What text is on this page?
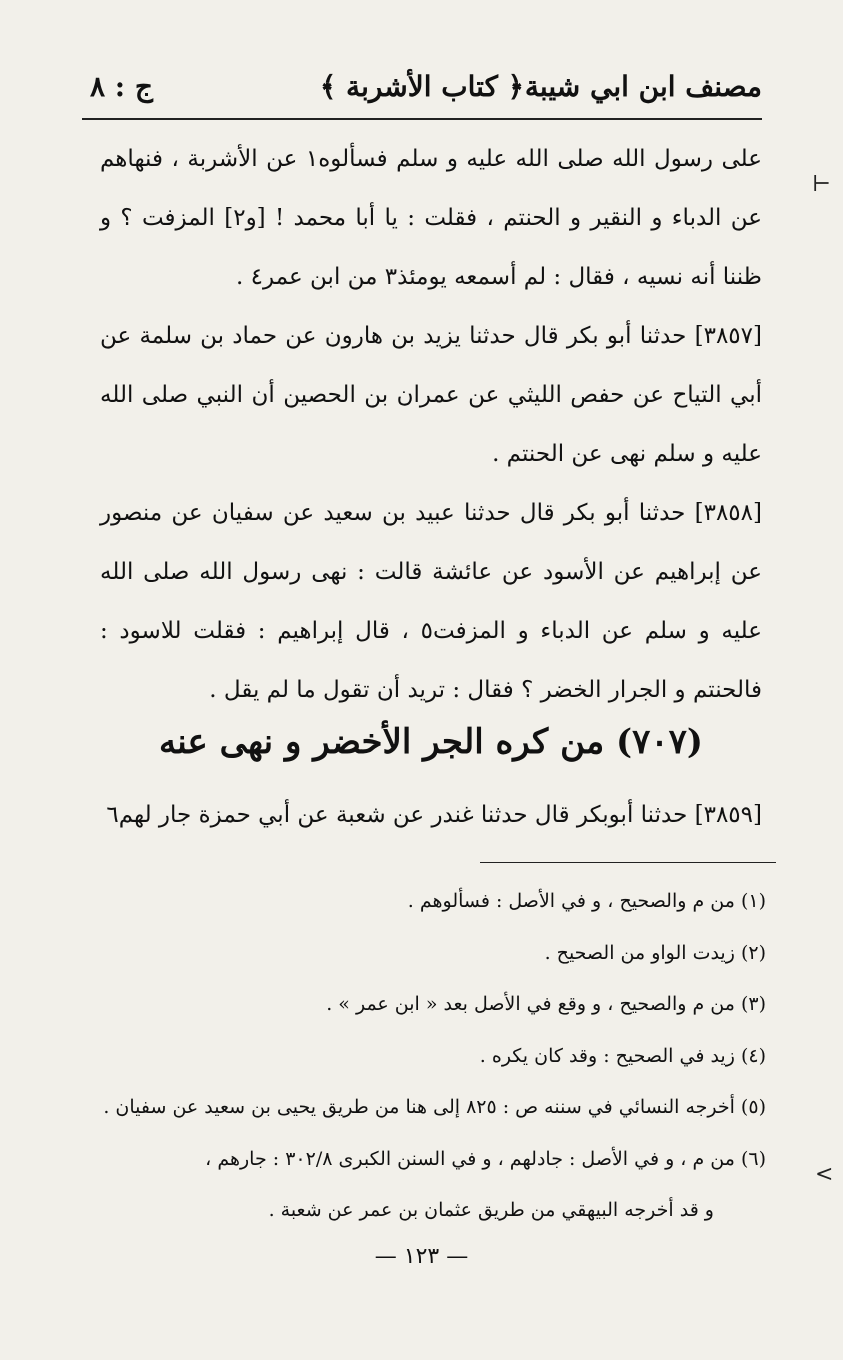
مصنف ابن ابي شيبة
﴿ كتاب الأشربة ﴾
ج : ٨

على رسول الله صلى الله عليه و سلم فسألوه١ عن الأشربة ، فنهاهم عن الدباء و النقير و الحنتم ، فقلت : يا أبا محمد ! [و٢] المزفت ؟ و ظننا أنه نسيه ، فقال : لم أسمعه يومئذ٣ من ابن عمر٤ .

[٣٨٥٧] حدثنا أبو بكر قال حدثنا يزيد بن هارون عن حماد بن سلمة عن أبي التياح عن حفص الليثي عن عمران بن الحصين أن النبي صلى الله عليه و سلم نهى عن الحنتم .

[٣٨٥٨] حدثنا أبو بكر قال حدثنا عبيد بن سعيد عن سفيان عن منصور عن إبراهيم عن الأسود عن عائشة قالت : نهى رسول الله صلى الله عليه و سلم عن الدباء و المزفت٥ ، قال إبراهيم : فقلت للاسود : فالحنتم و الجرار الخضر ؟ فقال : تريد أن تقول ما لم يقل .

(٧٠٧) من كره الجر الأخضر و نهى عنه
[٣٨٥٩] حدثنا أبوبكر قال حدثنا غندر عن شعبة عن أبي حمزة جار لهم٦
(١) من م والصحيح ، و في الأصل : فسألوهم .
(٢) زيدت الواو من الصحيح .
(٣) من م والصحيح ، و وقع في الأصل بعد « ابن عمر » .
(٤) زيد في الصحيح : وقد كان يكره .
(٥) أخرجه النسائي في سننه ص : ٨٢٥ إلى هنا من طريق يحيى بن سعيد عن سفيان .
(٦) من م ، و في الأصل : جادلهم ، و في السنن الكبرى ٣٠٢/٨ : جارهم ،
و قد أخرجه البيهقي من طريق عثمان بن عمر عن شعبة .
— ١٢٣ —
⊢
<
